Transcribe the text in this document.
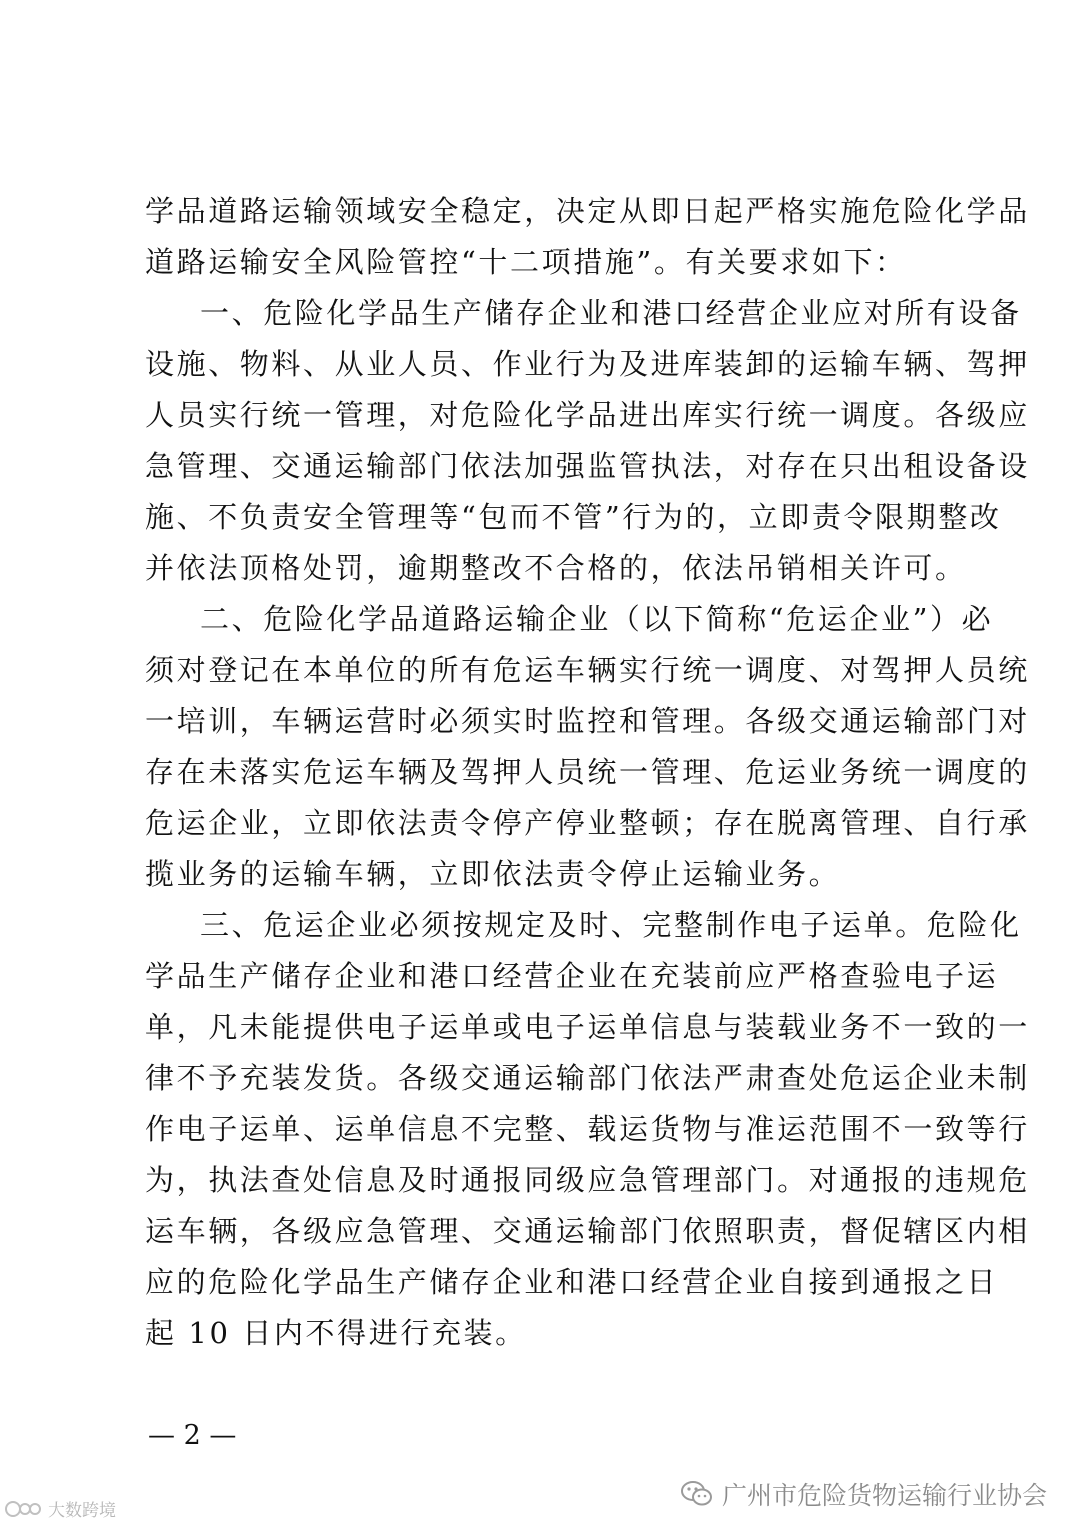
学品道路运输领域安全稳定，决定从即日起严格实施危险化学品
道路运输安全风险管控“十二项措施”。有关要求如下：
一、危险化学品生产储存企业和港口经营企业应对所有设备
设施、物料、从业人员、作业行为及进库装卸的运输车辆、驾押
人员实行统一管理，对危险化学品进出库实行统一调度。各级应
急管理、交通运输部门依法加强监管执法，对存在只出租设备设
施、不负责安全管理等“包而不管”行为的，立即责令限期整改
并依法顶格处罚，逾期整改不合格的，依法吊销相关许可。
二、危险化学品道路运输企业（以下简称“危运企业”）必
须对登记在本单位的所有危运车辆实行统一调度、对驾押人员统
一培训，车辆运营时必须实时监控和管理。各级交通运输部门对
存在未落实危运车辆及驾押人员统一管理、危运业务统一调度的
危运企业，立即依法责令停产停业整顿；存在脱离管理、自行承
揽业务的运输车辆，立即依法责令停止运输业务。
三、危运企业必须按规定及时、完整制作电子运单。危险化
学品生产储存企业和港口经营企业在充装前应严格查验电子运
单，凡未能提供电子运单或电子运单信息与装载业务不一致的一
律不予充装发货。各级交通运输部门依法严肃查处危运企业未制
作电子运单、运单信息不完整、载运货物与准运范围不一致等行
为，执法查处信息及时通报同级应急管理部门。对通报的违规危
运车辆，各级应急管理、交通运输部门依照职责，督促辖区内相
应的危险化学品生产储存企业和港口经营企业自接到通报之日
起 10 日内不得进行充装。
— 2 —
广州市危险货物运输行业协会
大数跨境
